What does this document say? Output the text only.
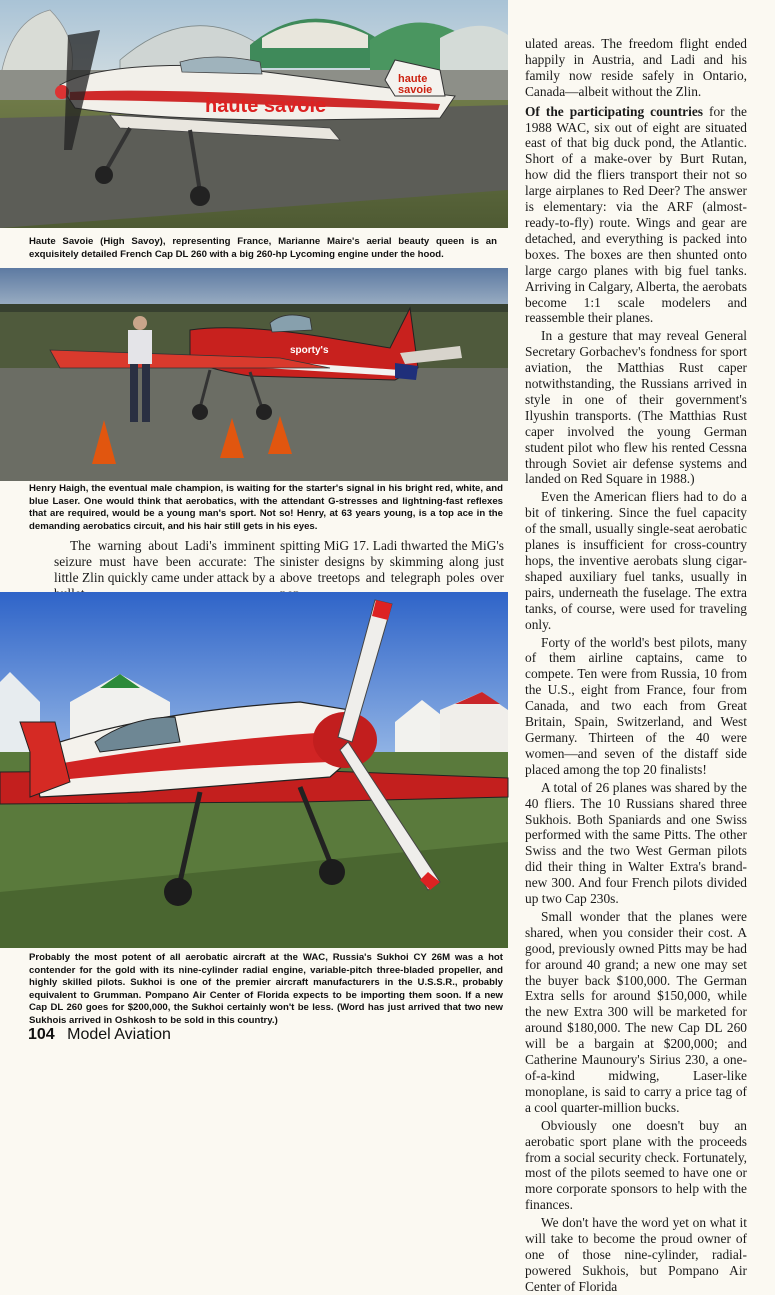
haute savoie
haute
savoie
Haute Savoie (High Savoy), representing France, Marianne Maire's aerial beauty queen is an exquisitely detailed French Cap DL 260 with a big 260-hp Lycoming engine under the hood.
sporty's
Henry Haigh, the eventual male champion, is waiting for the starter's signal in his bright red, white, and blue Laser. One would think that aerobatics, with the attendant G-stresses and lightning-fast reflexes that are required, would be a young man's sport. Not so! Henry, at 63 years young, is a top ace in the demanding aerobatics circuit, and his hair still gets in his eyes.

The warning about Ladi's imminent seizure must have been accurate: The little Zlin quickly came under attack by a

spitting MiG 17. Ladi thwarted the MiG's sinister designs by skimming along just above treetops and telegraph poles over

ulated areas. The freedom flight ended happily in Austria, and Ladi and his family now reside safely in Ontario, Canada—albeit without the Zlin.

Of the participating countries for the 1988 WAC, six out of eight are situated east of that big duck pond, the Atlantic. Short of a make-over by Burt Rutan, how did the fliers transport their not so large airplanes to Red Deer? The answer is elementary: via the ARF (almost-ready-to-fly) route. Wings and gear are detached, and everything is packed into boxes. The boxes are then shunted onto large cargo planes with big fuel tanks. Arriving in Calgary, Alberta, the aerobats become 1:1 scale modelers and reassemble their planes.

In a gesture that may reveal General Secretary Gorbachev's fondness for sport aviation, the Matthias Rust caper notwithstanding, the Russians arrived in style in one of their government's Ilyushin transports. (The Matthias Rust caper involved the young German student pilot who flew his rented Cessna through Soviet air defense systems and landed on Red Square in 1988.)

Even the American fliers had to do a bit of tinkering. Since the fuel capacity of the small, usually single-seat aerobatic planes is insufficient for cross-country hops, the inventive aerobats slung cigar-shaped auxiliary fuel tanks, usually in pairs, underneath the fuselage. The extra tanks, of course, were used for traveling only.

Forty of the world's best pilots, many of them airline captains, came to compete. Ten were from Russia, 10 from the U.S., eight from France, four from Canada, and two each from Great Britain, Spain, Switzerland, and West Germany. Thirteen of the 40 were women—and seven of the distaff side placed among the top 20 finalists!

A total of 26 planes was shared by the 40 fliers. The 10 Russians shared three Sukhois. Both Spaniards and one Swiss performed with the same Pitts. The other Swiss and the two West German pilots did their thing in Walter Extra's brand-new 300. And four French pilots divided up two Cap 230s.

Small wonder that the planes were shared, when you consider their cost. A good, previously owned Pitts may be had for around 40 grand; a new one may set the buyer back $100,000. The German Extra sells for around $150,000, while the new Extra 300 will be marketed for around $180,000. The new Cap DL 260 will be a bargain at $200,000; and Catherine Maunoury's Sirius 230, a one-of-a-kind midwing, Laser-like monoplane, is said to carry a price tag of a cool quarter-million bucks.

Obviously one doesn't buy an aerobatic sport plane with the proceeds from a social security check. Fortunately, most of the pilots seemed to have one or more corporate sponsors to help with the finances.

We don't have the word yet on what it will take to become the proud owner of one of those nine-cylinder, radial-powered Sukhois, but Pompano Air Center of Florida

Probably the most potent of all aerobatic aircraft at the WAC, Russia's Sukhoi CY 26M was a hot contender for the gold with its nine-cylinder radial engine, variable-pitch three-bladed propeller, and highly skilled pilots. Sukhoi is one of the premier aircraft manufacturers in the U.S.S.R., probably equivalent to Grumman. Pompano Air Center of Florida expects to be importing them soon. If a new Cap DL 260 goes for $200,000, the Sukhoi certainly won't be less. (Word has just arrived that two new Sukhois arrived in Oshkosh to be sold in this country.)
104 Model Aviation
